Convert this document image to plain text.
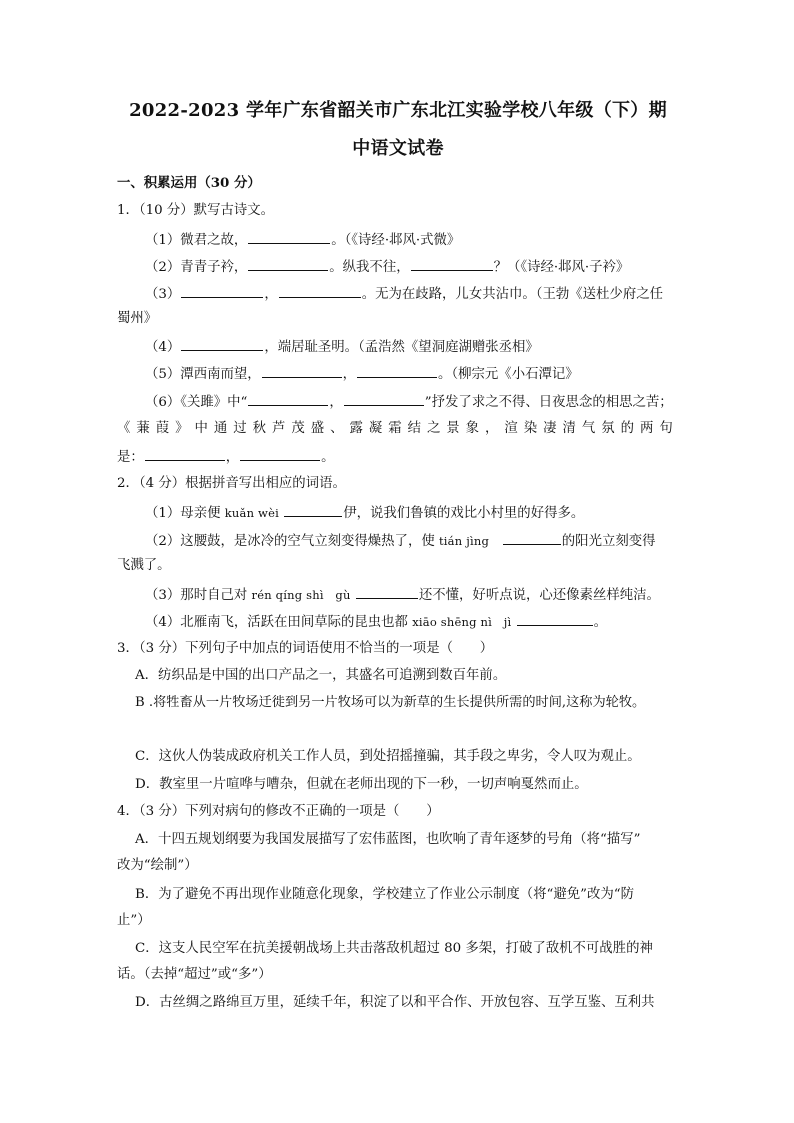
2022-2023 学年广东省韶关市广东北江实验学校八年级（下）期
中语文试卷
一、积累运用（30 分）
1．（10 分）默写古诗文。
（1）微君之故，	。（《诗经·邶风·式微》
（2）青青子衿，	。纵我不往，	？（《诗经·邶风·子衿》
（3）	，	。无为在歧路，儿女共沾巾。（王勃《送杜少府之任
蜀州》
（4）	，端居耻圣明。（孟浩然《望洞庭湖赠张丞相》
（5）潭西南而望，	，	。（柳宗元《小石潭记》
（6）《关雎》中“	，	”抒发了求之不得、日夜思念的相思之苦；
《蒹葭》中通过秋芦茂盛、露凝霜结之景象，渲染凄清气氛的两句
是：	，	。
2．（4 分）根据拼音写出相应的词语。
（1）母亲便 kuǎn wèi	伊，说我们鲁镇的戏比小村里的好得多。
（2）这腰鼓，是冰冷的空气立刻变得燥热了，使 tián jìng	的阳光立刻变得
飞溅了。
（3）那时自己对 rén qíng shì　gù	还不懂，好听点说，心还像素丝样纯洁。
（4）北雁南飞，活跃在田间草际的昆虫也都 xiāo shēng nì　jì	。
3．（3 分）下列句子中加点的词语使用不恰当的一项是（　　）
A．纺织品是中国的出口产品之一，其盛名可追溯到数百年前。
B .将牲畜从一片牧场迁徙到另一片牧场可以为新草的生长提供所需的时间,这称为轮牧。
C．这伙人伪装成政府机关工作人员，到处招摇撞骗，其手段之卑劣，令人叹为观止。
D．教室里一片喧哗与嘈杂，但就在老师出现的下一秒，一切声响戛然而止。
4．（3 分）下列对病句的修改不正确的一项是（　　）
A．十四五规划纲要为我国发展描写了宏伟蓝图，也吹响了青年逐梦的号角（将“描写”
改为“绘制”）
B．为了避免不再出现作业随意化现象，学校建立了作业公示制度（将“避免”改为“防
止”）
C．这支人民空军在抗美援朝战场上共击落敌机超过 80 多架，打破了敌机不可战胜的神
话。（去掉“超过”或“多”）
D．古丝绸之路绵亘万里，延续千年，积淀了以和平合作、开放包容、互学互鉴、互利共
